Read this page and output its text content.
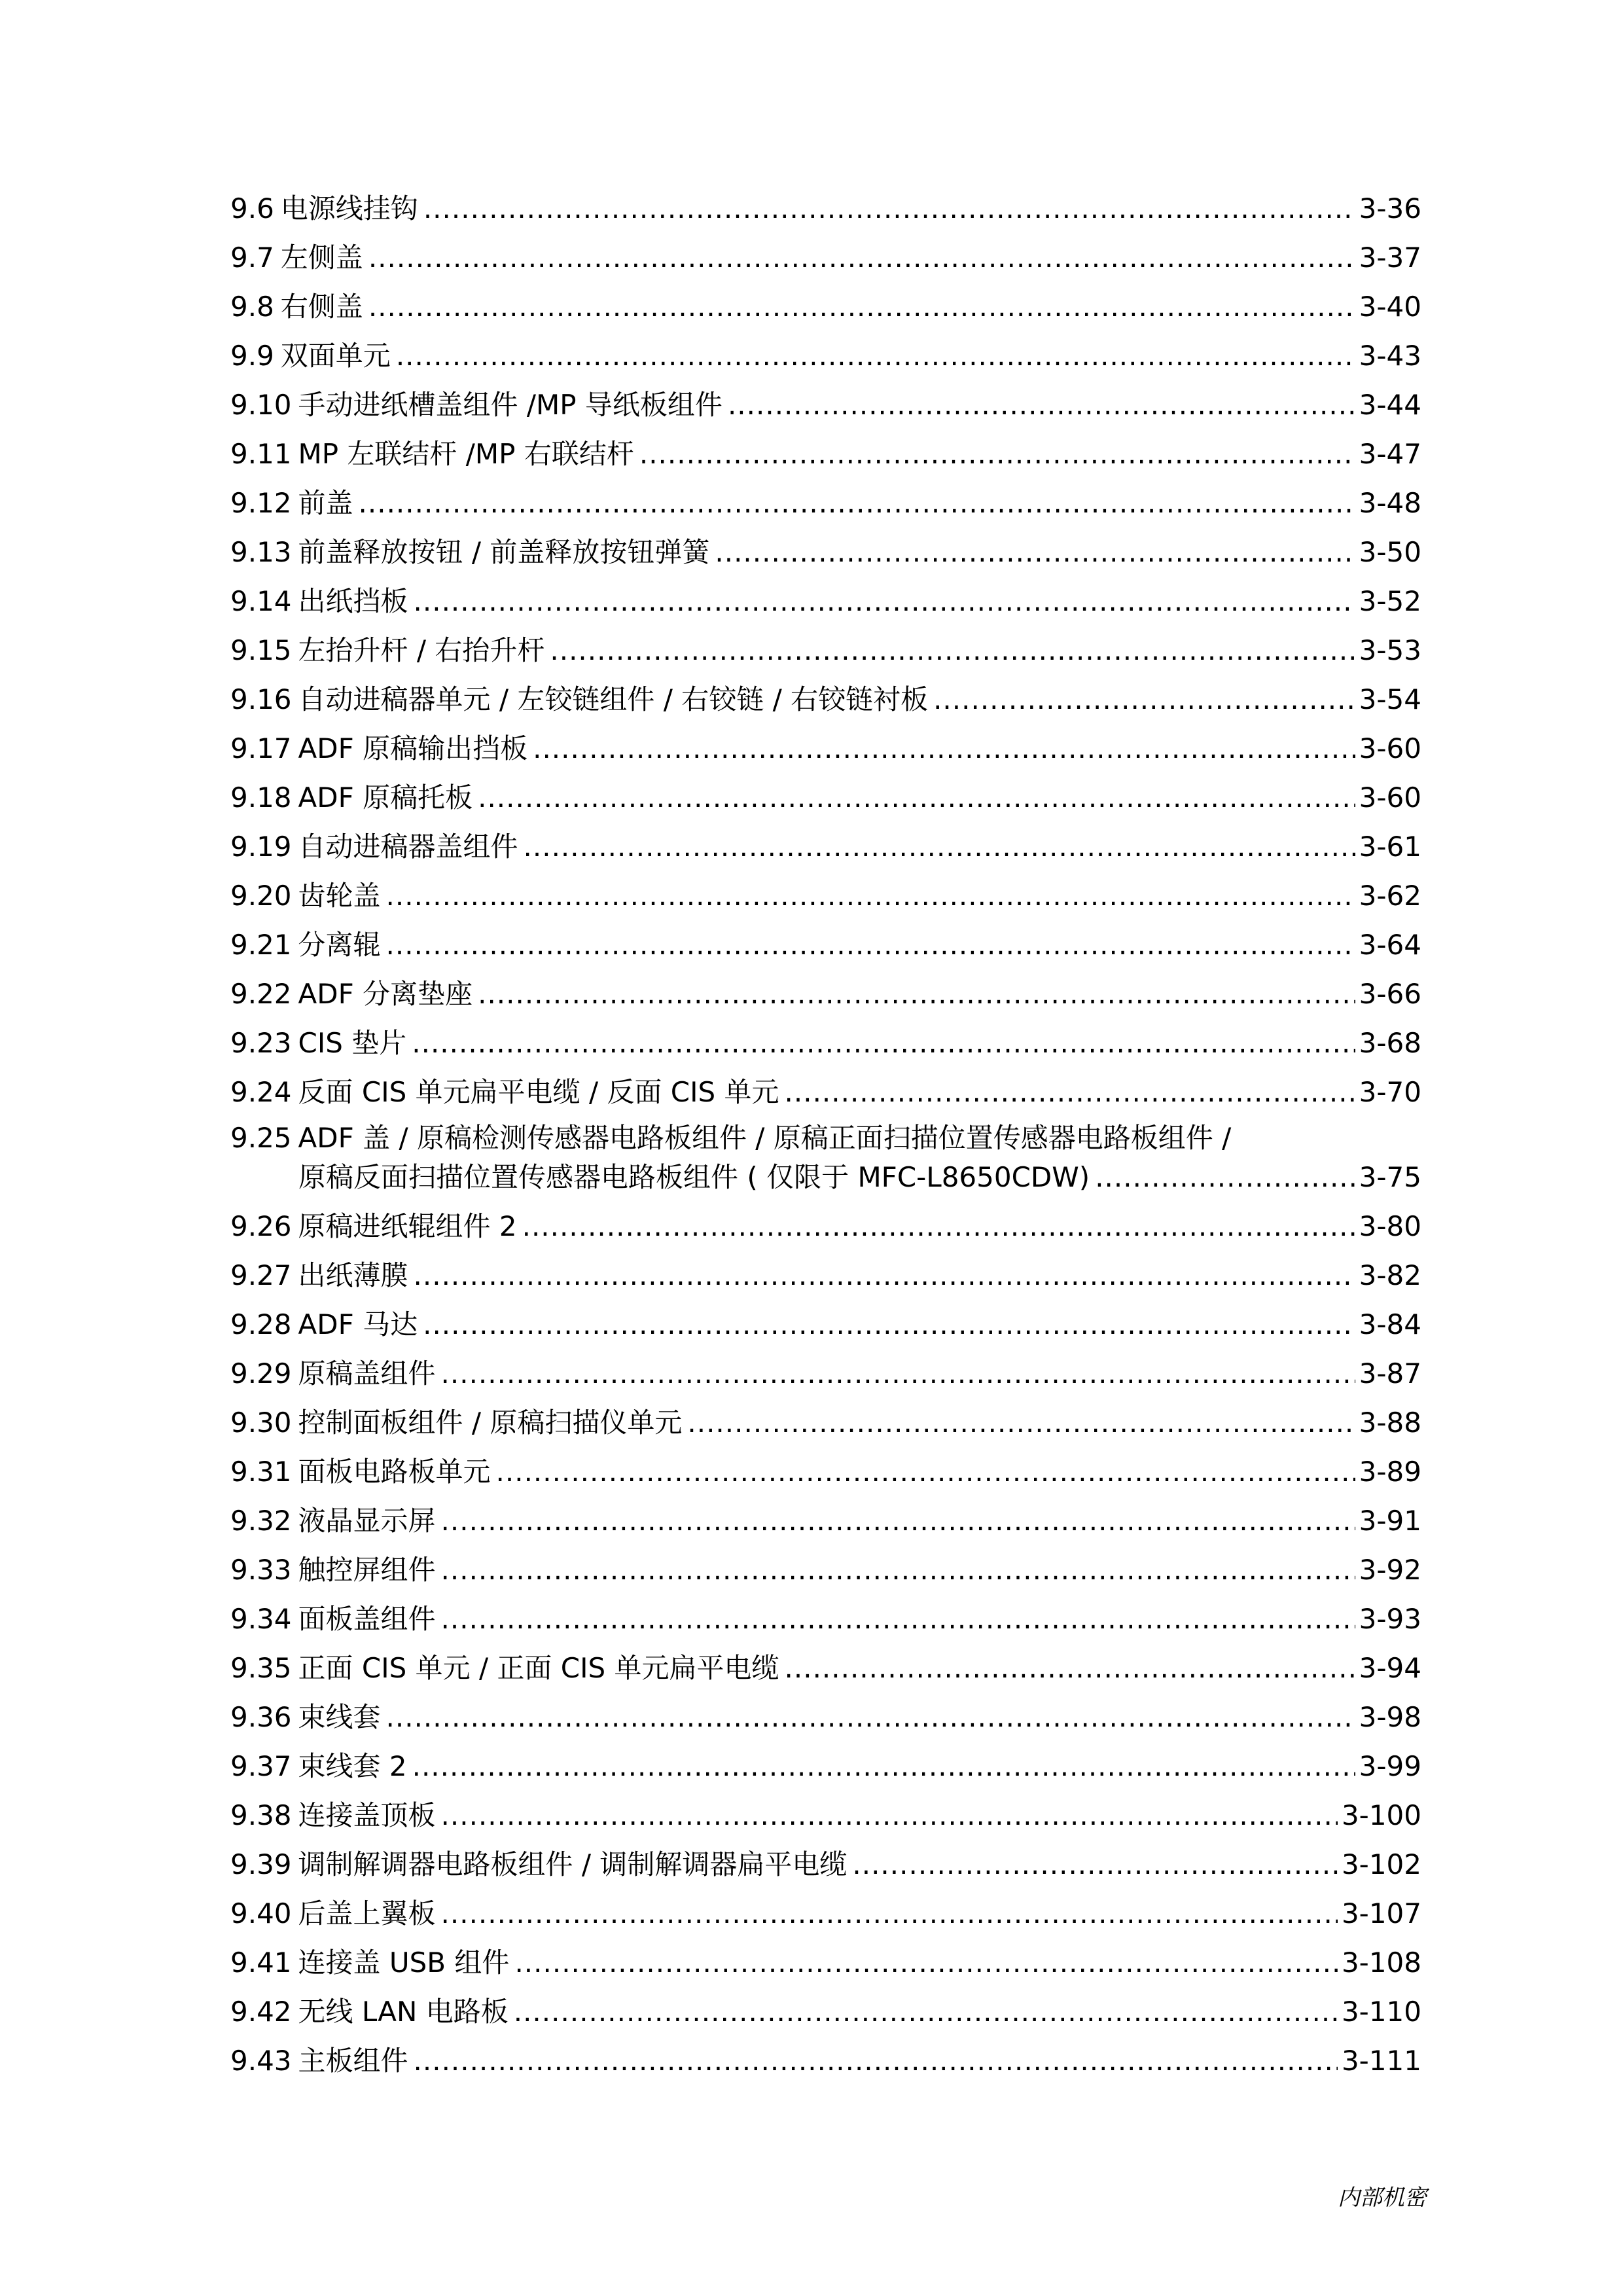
9.6 电源线挂钩 .....	3-36
9.7 左侧盖 .....	3-37
9.8 右侧盖 .....	3-40
9.9 双面单元 .....	3-43
9.10 手动进纸槽盖组件 /MP 导纸板组件 .....	3-44
9.11 MP 左联结杆 /MP 右联结杆 .....	3-47
9.12 前盖 .....	3-48
9.13 前盖释放按钮 / 前盖释放按钮弹簧 .....	3-50
9.14 出纸挡板 .....	3-52
9.15 左抬升杆 / 右抬升杆 .....	3-53
9.16 自动进稿器单元 / 左铰链组件 / 右铰链 / 右铰链衬板 .....	3-54
9.17 ADF 原稿输出挡板 .....	3-60
9.18 ADF 原稿托板 .....	3-60
9.19 自动进稿器盖组件 .....	3-61
9.20 齿轮盖 .....	3-62
9.21 分离辊 .....	3-64
9.22 ADF 分离垫座 .....	3-66
9.23 CIS 垫片 .....	3-68
9.24 反面 CIS 单元扁平电缆 / 反面 CIS 单元 .....	3-70
9.25 ADF 盖 / 原稿检测传感器电路板组件 / 原稿正面扫描位置传感器电路板组件 /
原稿反面扫描位置传感器电路板组件 ( 仅限于 MFC-L8650CDW) .....	3-75
9.26 原稿进纸辊组件 2 .....	3-80
9.27 出纸薄膜 .....	3-82
9.28 ADF 马达 .....	3-84
9.29 原稿盖组件 .....	3-87
9.30 控制面板组件 / 原稿扫描仪单元 .....	3-88
9.31 面板电路板单元 .....	3-89
9.32 液晶显示屏 .....	3-91
9.33 触控屏组件 .....	3-92
9.34 面板盖组件 .....	3-93
9.35 正面 CIS 单元 / 正面 CIS 单元扁平电缆 .....	3-94
9.36 束线套 .....	3-98
9.37 束线套 2 .....	3-99
9.38 连接盖顶板 .....	3-100
9.39 调制解调器电路板组件 / 调制解调器扁平电缆 .....	3-102
9.40 后盖上翼板 .....	3-107
9.41 连接盖 USB 组件 .....	3-108
9.42 无线 LAN 电路板 .....	3-110
9.43 主板组件 .....	3-111
内部机密
